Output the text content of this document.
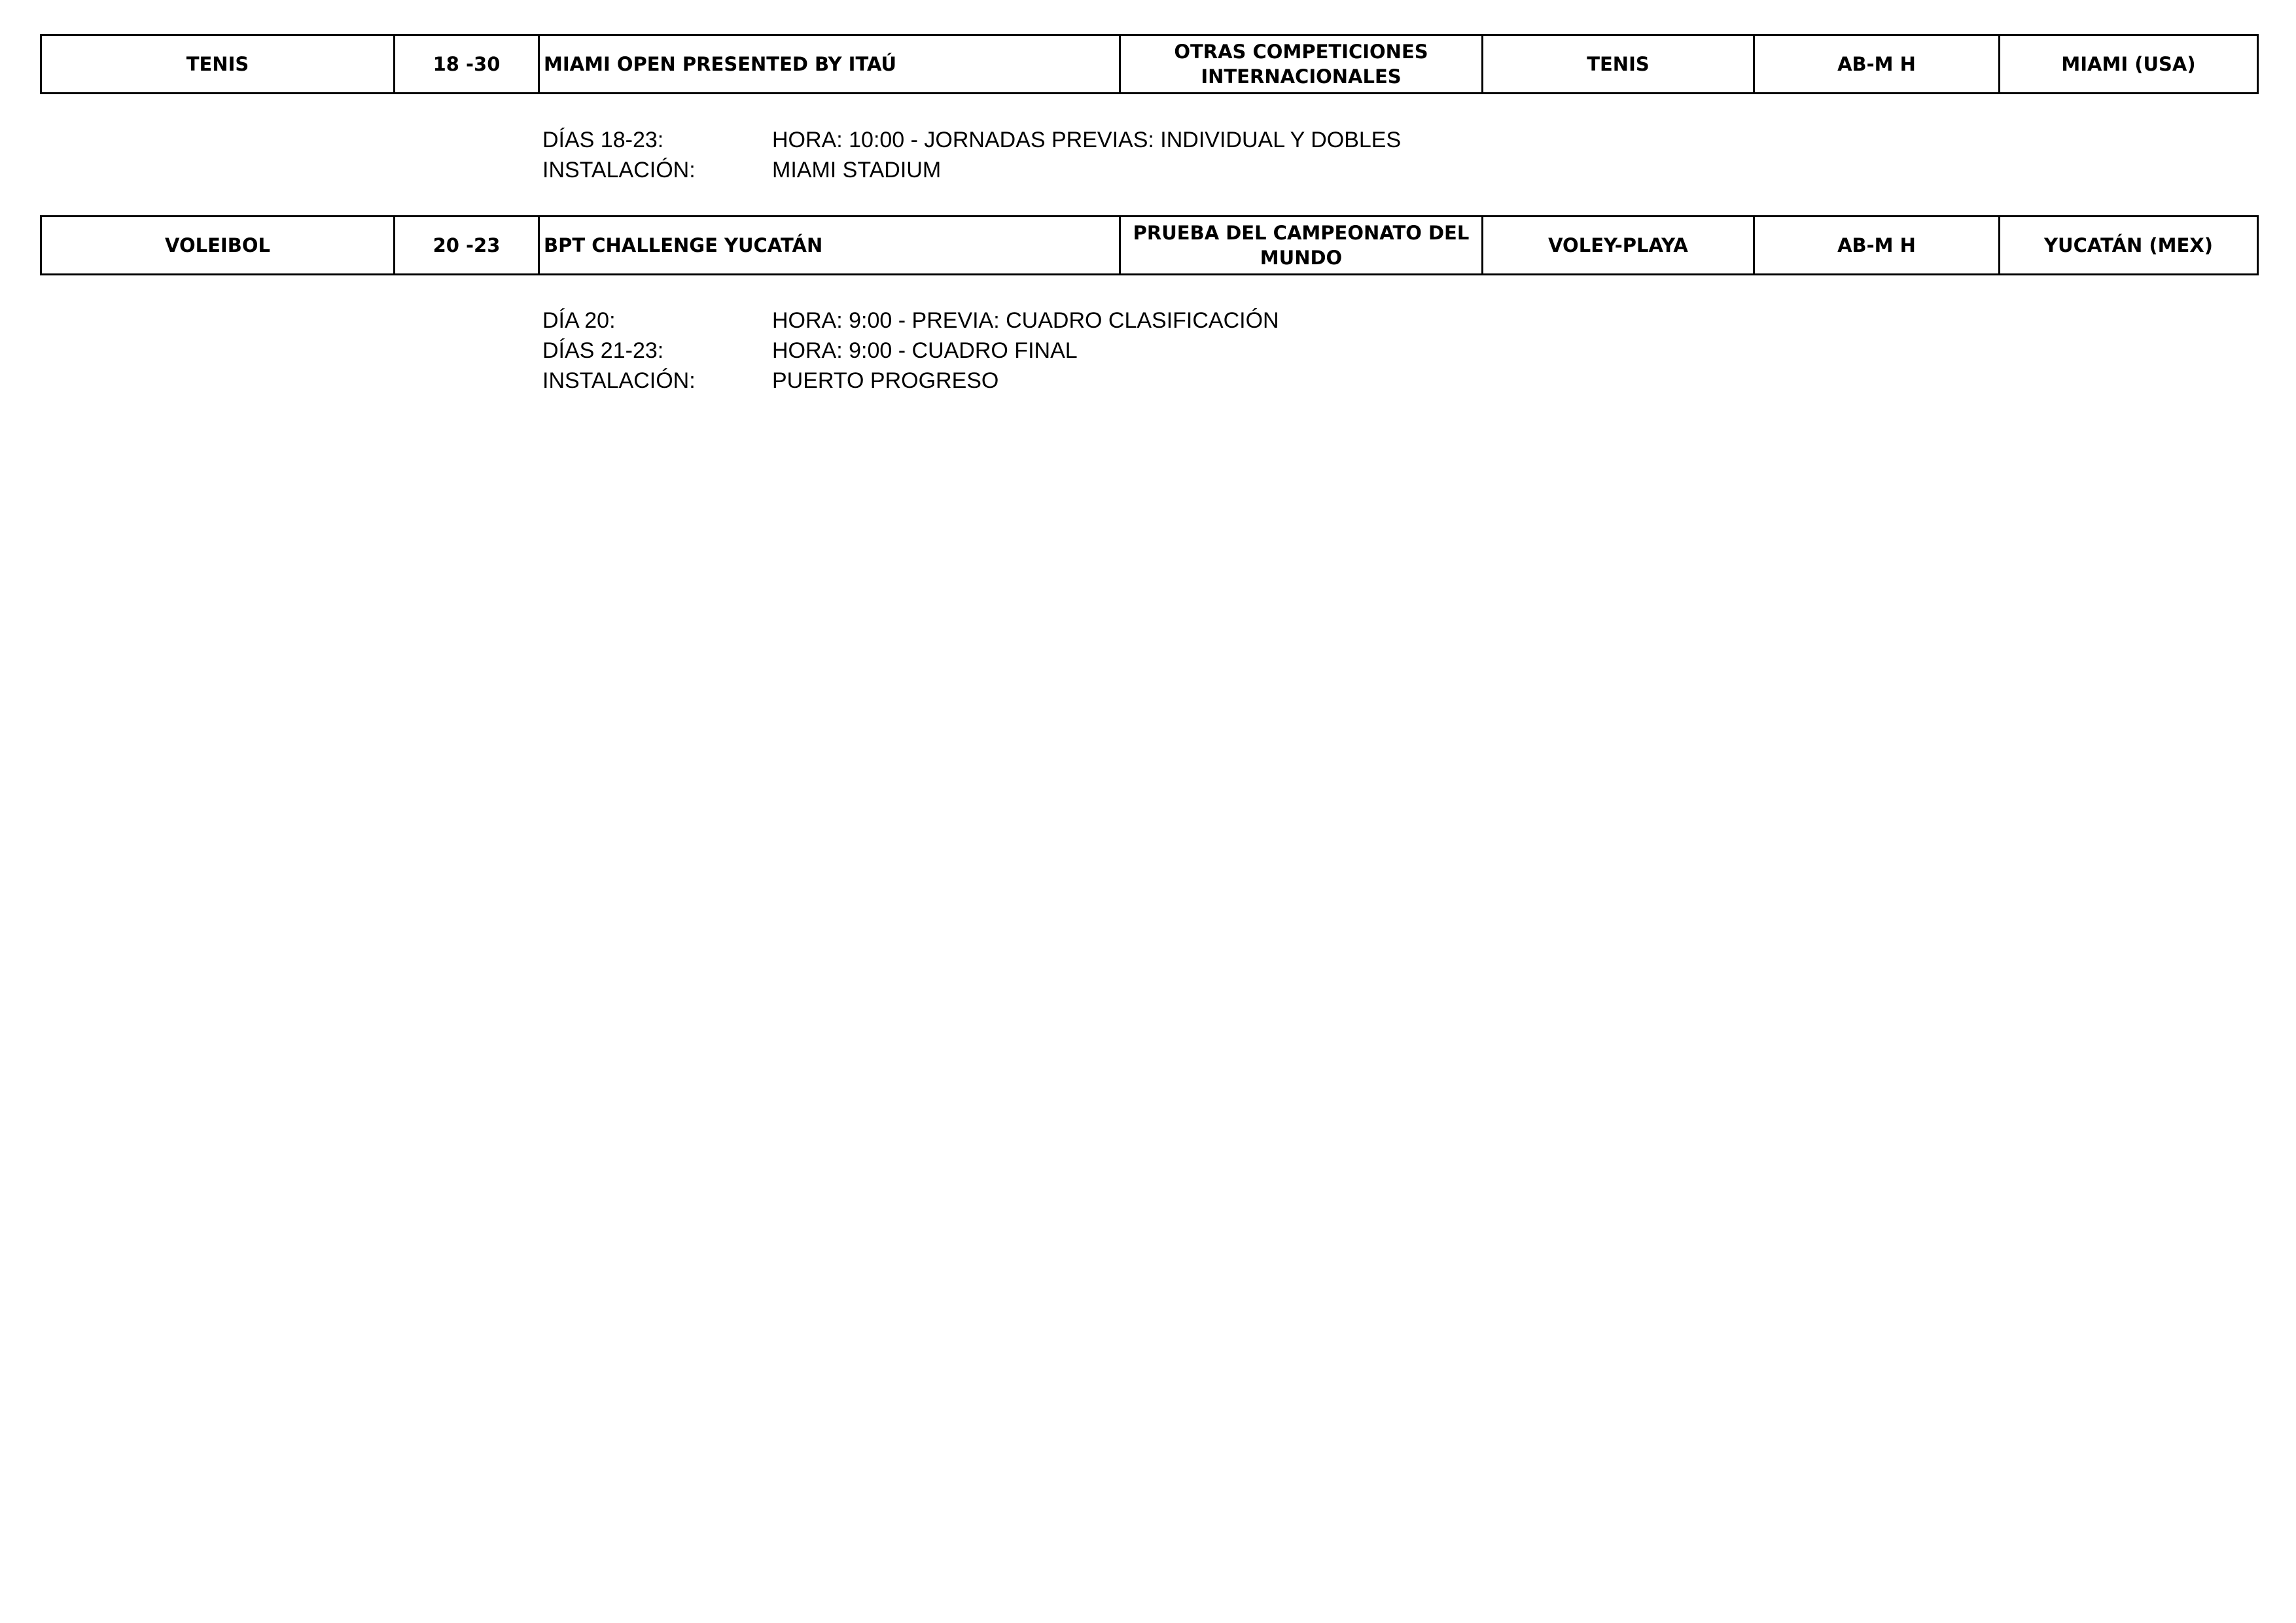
TENIS	18 -30	MIAMI OPEN PRESENTED BY ITAÚ	OTRAS COMPETICIONES INTERNACIONALES	TENIS	AB-M H	MIAMI (USA)
DÍAS 18-23:	HORA: 10:00 - JORNADAS PREVIAS: INDIVIDUAL Y DOBLES
INSTALACIÓN:	MIAMI STADIUM
VOLEIBOL	20 -23	BPT CHALLENGE YUCATÁN	PRUEBA DEL CAMPEONATO DEL MUNDO	VOLEY-PLAYA	AB-M H	YUCATÁN (MEX)
DÍA 20:	HORA: 9:00 - PREVIA: CUADRO CLASIFICACIÓN
DÍAS 21-23:	HORA: 9:00 - CUADRO FINAL
INSTALACIÓN:	PUERTO PROGRESO
